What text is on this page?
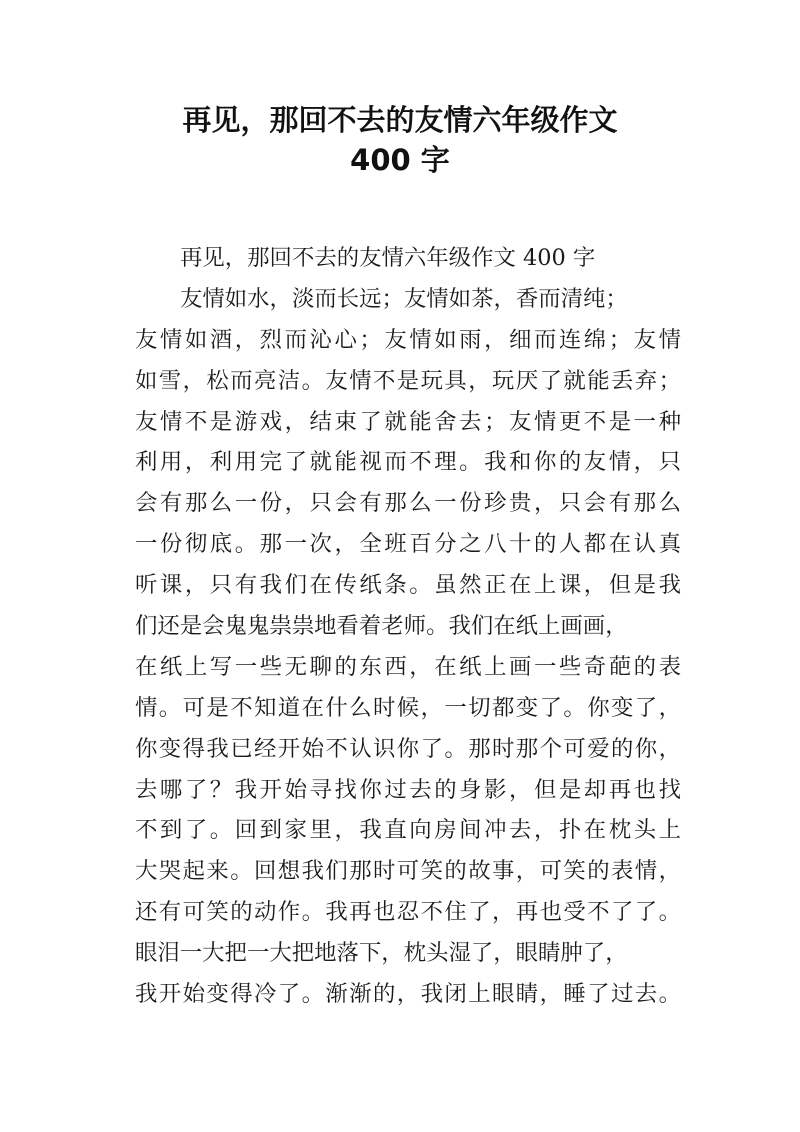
再见，那回不去的友情六年级作文
400 字
再见，那回不去的友情六年级作文 400 字
友情如水，淡而长远；友情如茶，香而清纯；
友情如酒，烈而沁心；友情如雨，细而连绵；友情
如雪，松而亮洁。友情不是玩具，玩厌了就能丢弃；
友情不是游戏，结束了就能舍去；友情更不是一种
利用，利用完了就能视而不理。我和你的友情，只
会有那么一份，只会有那么一份珍贵，只会有那么
一份彻底。那一次，全班百分之八十的人都在认真
听课，只有我们在传纸条。虽然正在上课，但是我
们还是会鬼鬼祟祟地看着老师。我们在纸上画画，
在纸上写一些无聊的东西，在纸上画一些奇葩的表
情。可是不知道在什么时候，一切都变了。你变了，
你变得我已经开始不认识你了。那时那个可爱的你，
去哪了？我开始寻找你过去的身影，但是却再也找
不到了。回到家里，我直向房间冲去，扑在枕头上
大哭起来。回想我们那时可笑的故事，可笑的表情，
还有可笑的动作。我再也忍不住了，再也受不了了。
眼泪一大把一大把地落下，枕头湿了，眼睛肿了，
我开始变得冷了。渐渐的，我闭上眼睛，睡了过去。
